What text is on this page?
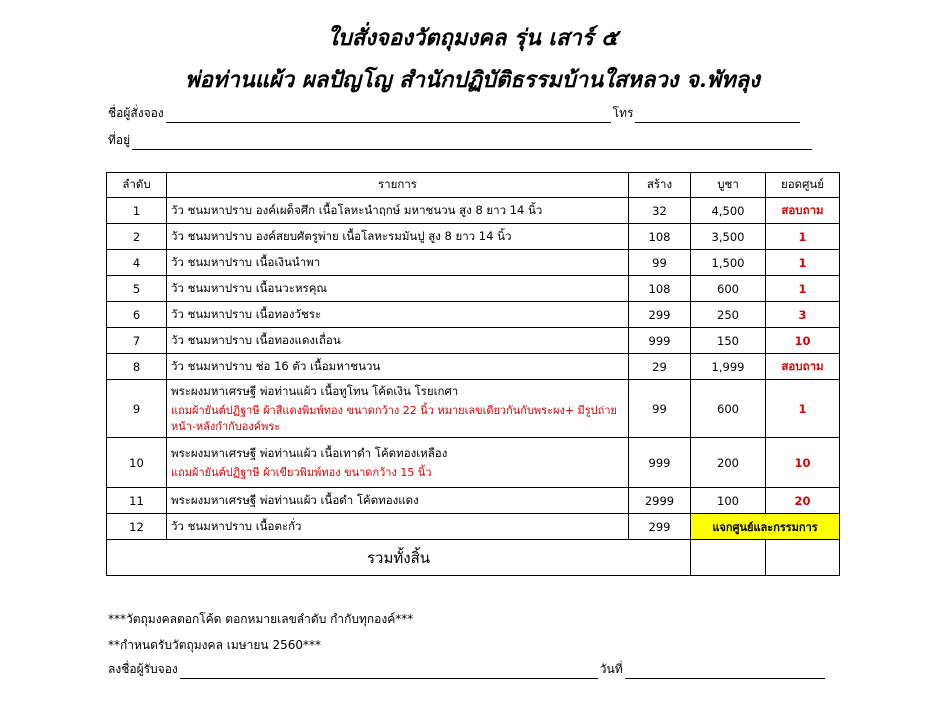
ใบสั่งจองวัตถุมงคล รุ่น เสาร์ ๕
พ่อท่านแผ้ว ผลปัญโญ สำนักปฏิบัติธรรมบ้านใสหลวง จ.พัทลุง
ชื่อผู้สั่งจอง	โทร
ที่อยู่
ลำดับ	รายการ	สร้าง	บูชา	ยอดศูนย์
1	วัว ชนมหาปราบ องค์เผด็จศึก เนื้อโลหะนำฤกษ์ มหาชนวน สูง 8 ยาว 14 นิ้ว	32	4,500	สอบถาม
2	วัว ชนมหาปราบ องค์สยบศัตรูพ่าย เนื้อโลหะรมมันปู สูง 8 ยาว 14 นิ้ว	108	3,500	1
4	วัว ชนมหาปราบ เนื้อเงินนำพา	99	1,500	1
5	วัว ชนมหาปราบ เนื้อนวะหรคุณ	108	600	1
6	วัว ชนมหาปราบ เนื้อทองวัชระ	299	250	3
7	วัว ชนมหาปราบ เนื้อทองแดงเถื่อน	999	150	10
8	วัว ชนมหาปราบ ช่อ 16 ตัว เนื้อมหาชนวน	29	1,999	สอบถาม
9	พระผงมหาเศรษฐี พ่อท่านแผ้ว เนื้อทูโทน โค้ดเงิน โรยเกศา
แถมผ้ายันต์ปฏิฐาษี ผ้าสีแดงพิมพ์ทอง ขนาดกว้าง 22 นิ้ว หมายเลขเดียวกันกับพระผง+ มีรูปถ่ายหน้า-หลังกำกับองค์พระ	99	600	1
10	พระผงมหาเศรษฐี พ่อท่านแผ้ว เนื้อเทาดำ โค้ดทองเหลือง
แถมผ้ายันต์ปฏิฐาษี ผ้าเขียวพิมพ์ทอง ขนาดกว้าง 15 นิ้ว	999	200	10
11	พระผงมหาเศรษฐี พ่อท่านแผ้ว เนื้อดำ โค้ดทองแดง	2999	100	20
12	วัว ชนมหาปราบ เนื้อตะกั่ว	299	แจกศูนย์และกรรมการ	
รวมทั้งสิ้น				
***วัตถุมงคลตอกโค้ด ตอกหมายเลขลำดับ กำกับทุกองค์***
**กำหนดรับวัตถุมงคล เมษายน 2560***
ลงชื่อผู้รับจอง	วันที่
